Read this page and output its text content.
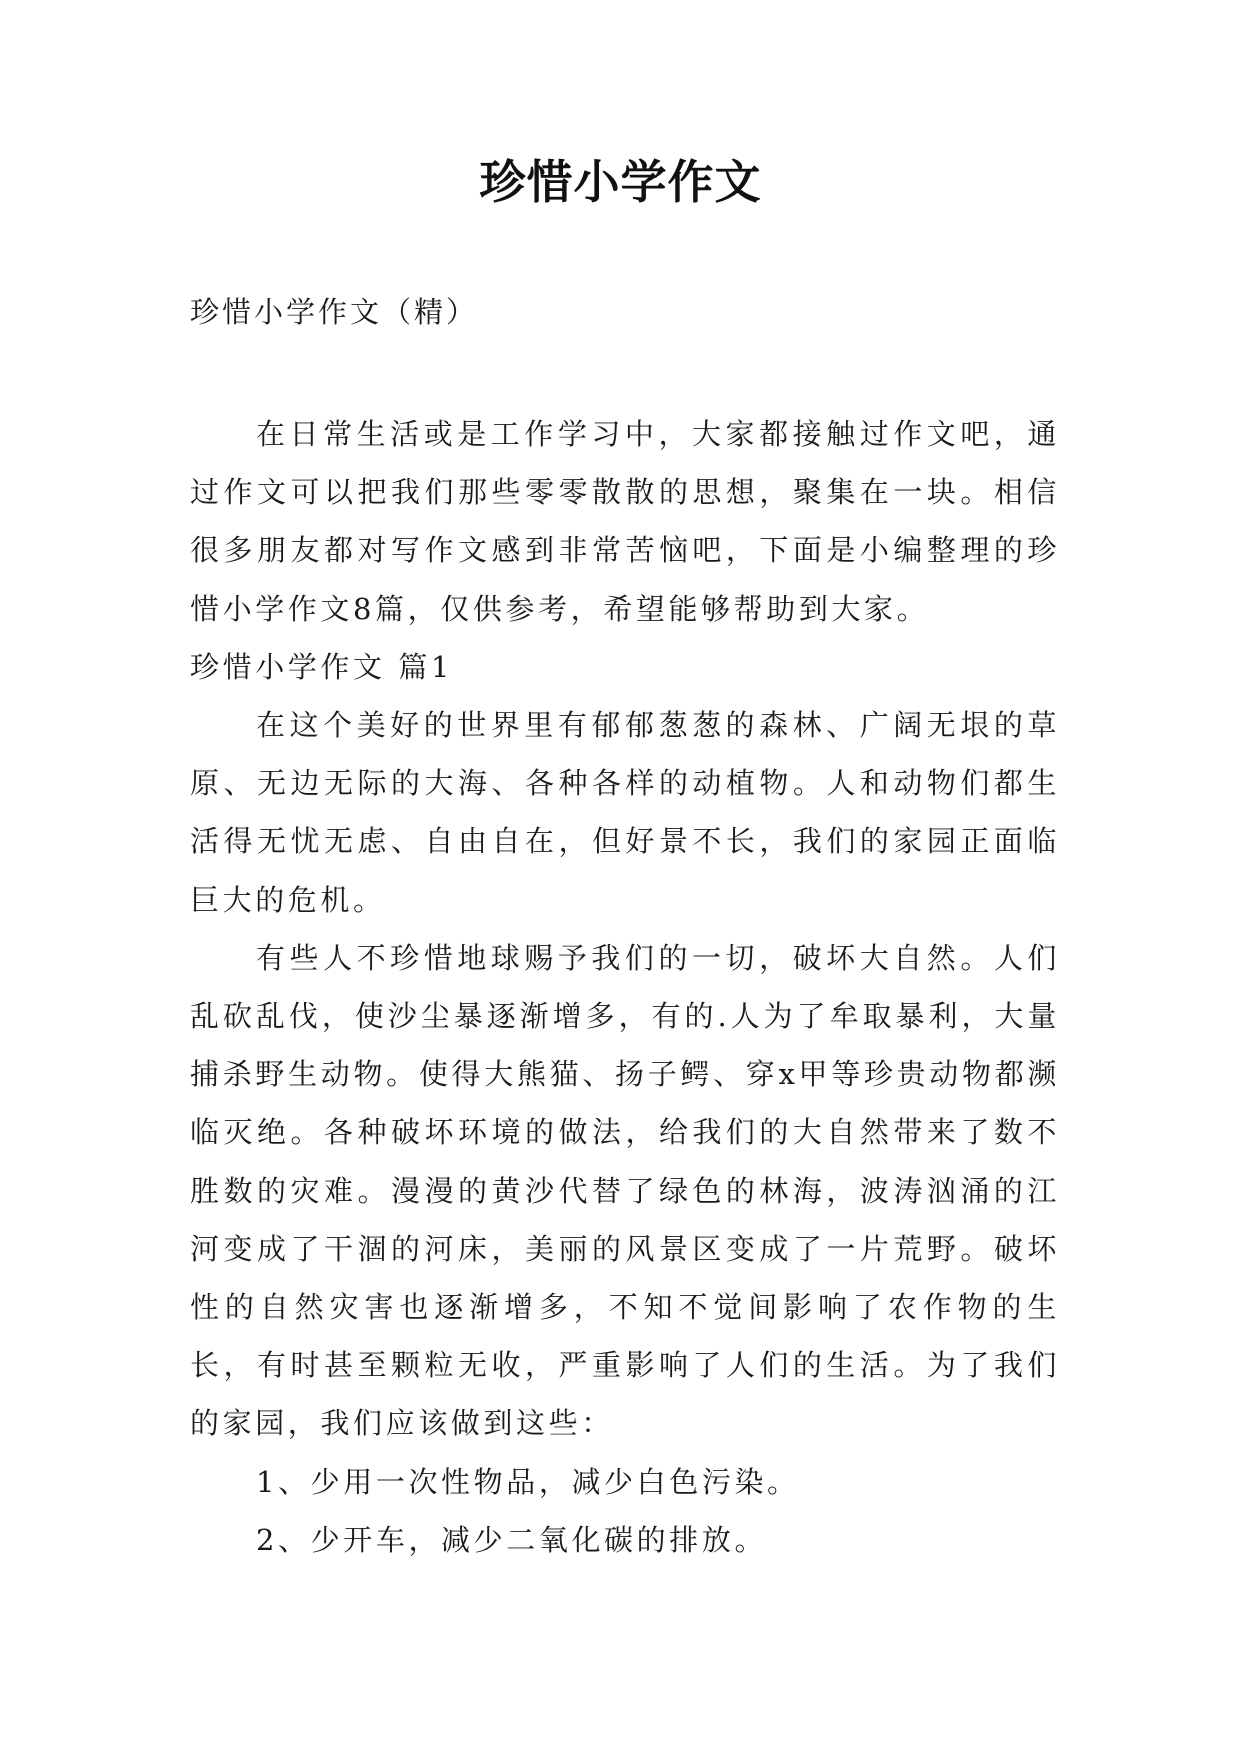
珍惜小学作文
珍惜小学作文（精）

在日常生活或是工作学习中，大家都接触过作文吧，通过作文可以把我们那些零零散散的思想，聚集在一块。相信很多朋友都对写作文感到非常苦恼吧，下面是小编整理的珍惜小学作文8篇，仅供参考，希望能够帮助到大家。

珍惜小学作文 篇1

在这个美好的世界里有郁郁葱葱的森林、广阔无垠的草原、无边无际的大海、各种各样的动植物。人和动物们都生活得无忧无虑、自由自在，但好景不长，我们的家园正面临巨大的危机。

有些人不珍惜地球赐予我们的一切，破坏大自然。人们乱砍乱伐，使沙尘暴逐渐增多，有的.人为了牟取暴利，大量捕杀野生动物。使得大熊猫、扬子鳄、穿x甲等珍贵动物都濒临灭绝。各种破坏环境的做法，给我们的大自然带来了数不胜数的灾难。漫漫的黄沙代替了绿色的林海，波涛汹涌的江河变成了干涸的河床，美丽的风景区变成了一片荒野。破坏性的自然灾害也逐渐增多，不知不觉间影响了农作物的生长，有时甚至颗粒无收，严重影响了人们的生活。为了我们的家园，我们应该做到这些：

1、少用一次性物品，减少白色污染。

2、少开车，减少二氧化碳的排放。
